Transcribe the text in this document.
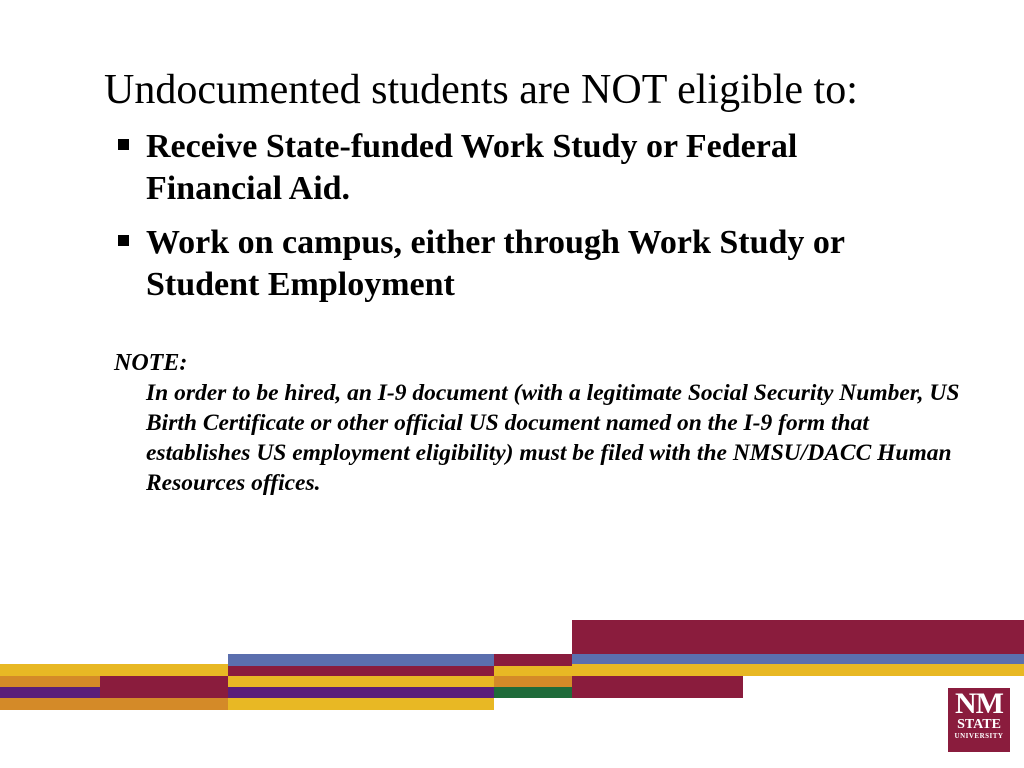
Undocumented students are NOT eligible to:
Receive State-funded Work Study or Federal Financial Aid.
Work on campus, either through Work Study or Student Employment
NOTE:
In order to be hired, an I-9 document (with a legitimate Social Security Number, US Birth Certificate or other official US document named on the I-9 form that establishes US employment eligibility) must be filed with the NMSU/DACC Human Resources offices.
NM
STATE
UNIVERSITY
